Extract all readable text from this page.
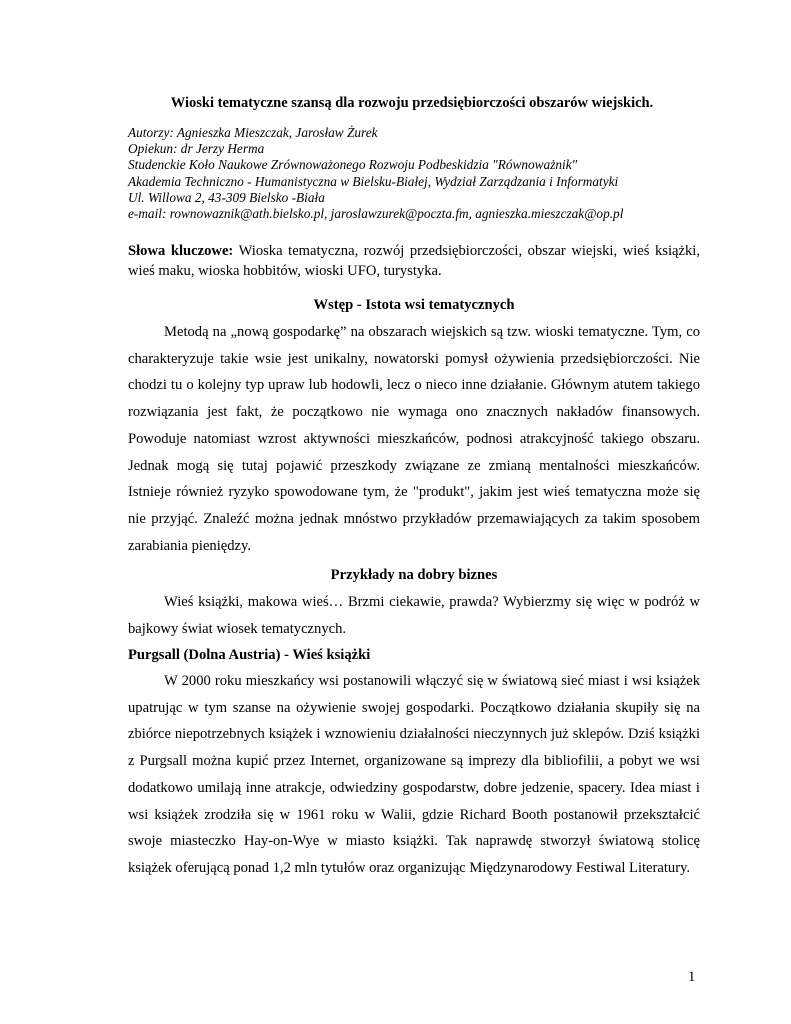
Wioski tematyczne szansą dla rozwoju przedsiębiorczości obszarów wiejskich.
Autorzy: Agnieszka Mieszczak, Jarosław Żurek
Opiekun: dr Jerzy Herma
Studenckie Koło Naukowe Zrównoważonego Rozwoju Podbeskidzia "Równoważnik"
Akademia Techniczno - Humanistyczna w Bielsku-Białej, Wydział Zarządzania i Informatyki
Ul. Willowa 2, 43-309 Bielsko -Biała
e-mail: rownowaznik@ath.bielsko.pl, jaroslawzurek@poczta.fm, agnieszka.mieszczak@op.pl
Słowa kluczowe: Wioska tematyczna, rozwój przedsiębiorczości, obszar wiejski, wieś książki, wieś maku, wioska hobbitów, wioski UFO, turystyka.
Wstęp - Istota wsi tematycznych

Metodą na „nową gospodarkę” na obszarach wiejskich są tzw. wioski tematyczne. Tym, co charakteryzuje takie wsie jest unikalny, nowatorski pomysł ożywienia przedsiębiorczości. Nie chodzi tu o kolejny typ upraw lub hodowli, lecz o nieco inne działanie. Głównym atutem takiego rozwiązania jest fakt, że początkowo nie wymaga ono znacznych nakładów finansowych. Powoduje natomiast wzrost aktywności mieszkańców, podnosi atrakcyjność takiego obszaru. Jednak mogą się tutaj pojawić przeszkody związane ze zmianą mentalności mieszkańców. Istnieje również ryzyko spowodowane tym, że "produkt", jakim jest wieś tematyczna może się nie przyjąć. Znaleźć można jednak mnóstwo przykładów przemawiających za takim sposobem zarabiania pieniędzy.

Przykłady na dobry biznes

Wieś książki, makowa wieś… Brzmi ciekawie, prawda? Wybierzmy się więc w podróż w bajkowy świat wiosek tematycznych.

Purgsall (Dolna Austria) - Wieś książki

W 2000 roku mieszkańcy wsi postanowili włączyć się w światową sieć miast i wsi książek upatrując w tym szanse na ożywienie swojej gospodarki. Początkowo działania skupiły się na zbiórce niepotrzebnych książek i wznowieniu działalności nieczynnych już sklepów. Dziś książki z Purgsall można kupić przez Internet, organizowane są imprezy dla bibliofilii, a pobyt we wsi dodatkowo umilają inne atrakcje, odwiedziny gospodarstw, dobre jedzenie, spacery. Idea miast i wsi książek zrodziła się w 1961 roku w Walii, gdzie Richard Booth postanowił przekształcić swoje miasteczko Hay-on-Wye w miasto książki. Tak naprawdę stworzył światową stolicę książek oferującą ponad 1,2 mln tytułów oraz organizując Międzynarodowy Festiwal Literatury.

1
